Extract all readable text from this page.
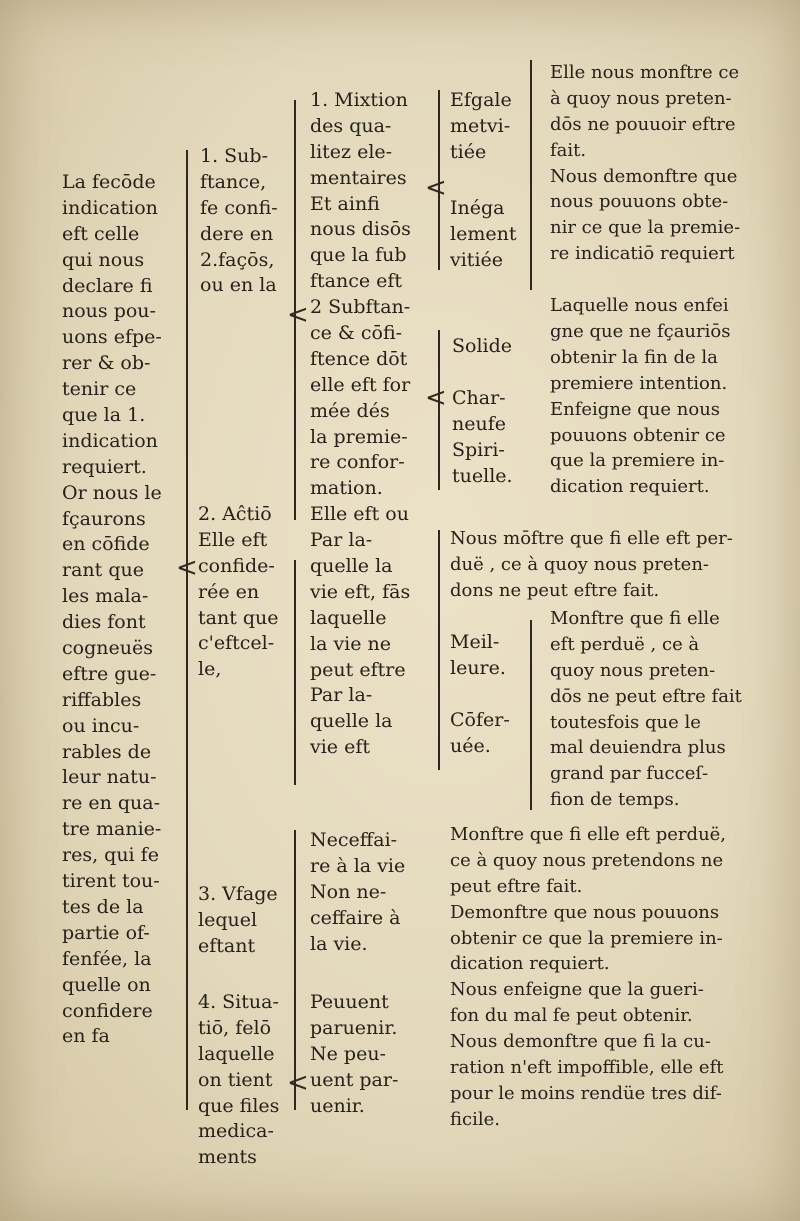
La fecōde
indication
eft celle
qui nous
declare fi
nous pou-
uons efpe-
rer & ob-
tenir ce
que la 1.
indication
requiert.
Or nous le
fçaurons
en cōfide
rant que
les mala-
dies font
cogneuës
eftre gue-
riffables
ou incu-
rables de
leur natu-
re en qua-
tre manie-
res, qui fe
tirent tou-
tes de la
partie of-
fenfée, la
quelle on
confidere
en fa
<
<
<
<
<
1. Sub-
ftance,
fe confi-
dere en
2.façōs,
ou en la
2. Aĉtiō
Elle eft
confide-
rée en
tant que
c'eftcel-
le,
3. Vfage
lequel
eftant
4. Situa-
tiō, felō
laquelle
on tient
que files
medica-
ments
1. Mixtion
des qua-
litez ele-
mentaires
Et ainfi
nous disōs
que la fub
ftance eft
2 Subftan-
ce & cōfi-
ftence dōt
elle eft for
mée dés
la premie-
re confor-
mation.
Elle eft ou
Par la-
quelle la
vie eft, fās
laquelle
la vie ne
peut eftre
Par la-
quelle la
vie eft
Neceffai-
re à la vie
Non ne-
ceffaire à
la vie.
Peuuent
paruenir.
Ne peu-
uent par-
uenir.
Efgale
metvi-
tiée
Inéga
lement
vitiée
Solide
Char-
neufe
Spiri-
tuelle.
Meil-
leure.
Cōfer-
uée.
Elle nous monftre ce
à quoy nous preten-
dōs ne pouuoir eftre
fait.
Nous demonftre que
nous pouuons obte-
nir ce que la premie-
re indicatiō requiert
Laquelle nous enfei
gne que ne fçauriōs
obtenir la fin de la
premiere intention.
Enfeigne que nous
pouuons obtenir ce
que la premiere in-
dication requiert.
Nous mōftre que fi elle eft per-
duë , ce à quoy nous preten-
dons ne peut eftre fait.
Monftre que fi elle
eft perduë , ce à
quoy nous preten-
dōs ne peut eftre fait
toutesfois que le
mal deuiendra plus
grand par fucceſ-
fion de temps.
Monftre que fi elle eft perduë,
ce à quoy nous pretendons ne
peut eftre fait.
Demonftre que nous pouuons
obtenir ce que la premiere in-
dication requiert.
Nous enfeigne que la gueri-
fon du mal fe peut obtenir.
Nous demonftre que fi la cu-
ration n'eft impoffible, elle eft
pour le moins rendüe tres dif-
ficile.
